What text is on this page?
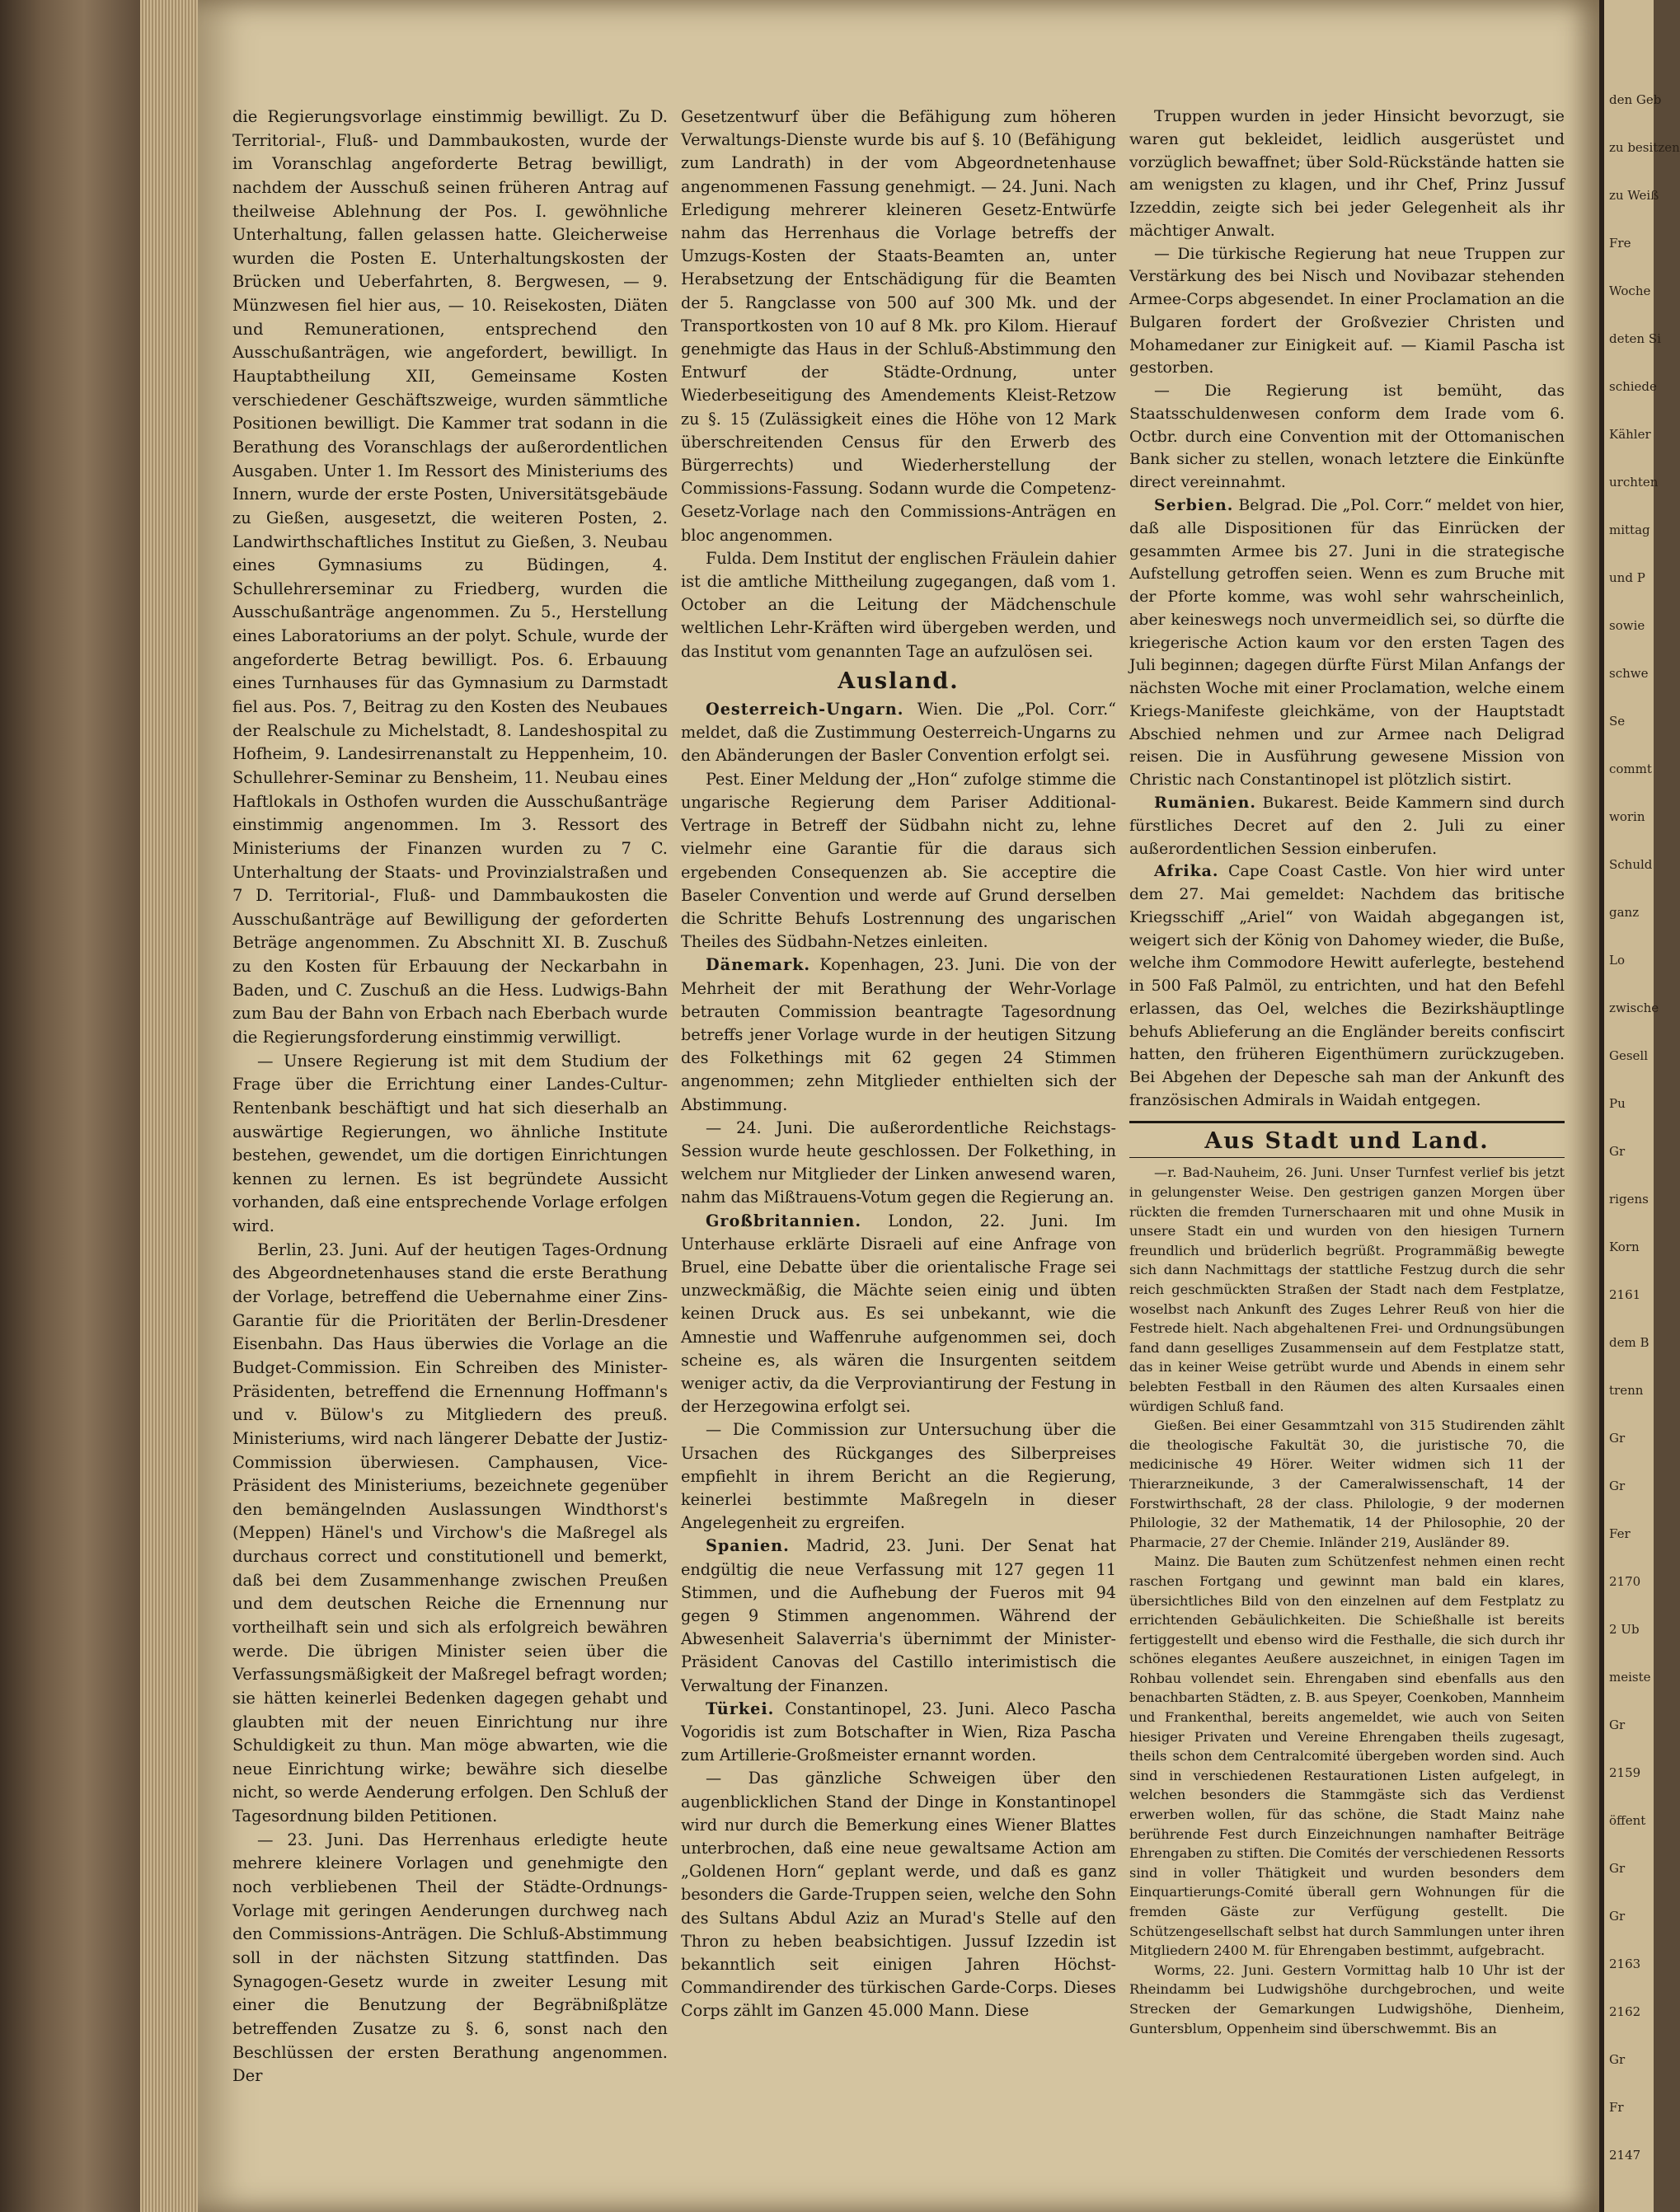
die Regierungsvorlage einstimmig bewilligt. Zu D. Territorial-, Fluß- und Dammbaukosten, wurde der im Voranschlag angeforderte Betrag bewilligt, nachdem der Ausschuß seinen früheren Antrag auf theilweise Ablehnung der Pos. I. gewöhnliche Unterhaltung, fallen gelassen hatte. Gleicherweise wurden die Posten E. Unterhaltungskosten der Brücken und Ueberfahrten, 8. Bergwesen, — 9. Münzwesen fiel hier aus, — 10. Reisekosten, Diäten und Remunerationen, entsprechend den Ausschußanträgen, wie angefordert, bewilligt. In Hauptabtheilung XII, Gemeinsame Kosten verschiedener Geschäftszweige, wurden sämmtliche Positionen bewilligt. Die Kammer trat sodann in die Berathung des Voranschlags der außerordentlichen Ausgaben. Unter 1. Im Ressort des Ministeriums des Innern, wurde der erste Posten, Universitätsgebäude zu Gießen, ausgesetzt, die weiteren Posten, 2. Landwirthschaftliches Institut zu Gießen, 3. Neubau eines Gymnasiums zu Büdingen, 4. Schullehrerseminar zu Friedberg, wurden die Ausschußanträge angenommen. Zu 5., Herstellung eines Laboratoriums an der polyt. Schule, wurde der angeforderte Betrag bewilligt. Pos. 6. Erbauung eines Turnhauses für das Gymnasium zu Darmstadt fiel aus. Pos. 7, Beitrag zu den Kosten des Neubaues der Realschule zu Michelstadt, 8. Landeshospital zu Hofheim, 9. Landesirrenanstalt zu Heppenheim, 10. Schullehrer-Seminar zu Bensheim, 11. Neubau eines Haftlokals in Osthofen wurden die Ausschußanträge einstimmig angenommen. Im 3. Ressort des Ministeriums der Finanzen wurden zu 7 C. Unterhaltung der Staats- und Provinzialstraßen und 7 D. Territorial-, Fluß- und Dammbaukosten die Ausschußanträge auf Bewilligung der geforderten Beträge angenommen. Zu Abschnitt XI. B. Zuschuß zu den Kosten für Erbauung der Neckarbahn in Baden, und C. Zuschuß an die Hess. Ludwigs-Bahn zum Bau der Bahn von Erbach nach Eberbach wurde die Regierungsforderung einstimmig verwilligt.

— Unsere Regierung ist mit dem Studium der Frage über die Errichtung einer Landes-Cultur-Rentenbank beschäftigt und hat sich dieserhalb an auswärtige Regierungen, wo ähnliche Institute bestehen, gewendet, um die dortigen Einrichtungen kennen zu lernen. Es ist begründete Aussicht vorhanden, daß eine entsprechende Vorlage erfolgen wird.

Berlin, 23. Juni. Auf der heutigen Tages-Ordnung des Abgeordnetenhauses stand die erste Berathung der Vorlage, betreffend die Uebernahme einer Zins-Garantie für die Prioritäten der Berlin-Dresdener Eisenbahn. Das Haus überwies die Vorlage an die Budget-Commission. Ein Schreiben des Minister-Präsidenten, betreffend die Ernennung Hoffmann's und v. Bülow's zu Mitgliedern des preuß. Ministeriums, wird nach längerer Debatte der Justiz-Commission überwiesen. Camphausen, Vice-Präsident des Ministeriums, bezeichnete gegenüber den bemängelnden Auslassungen Windthorst's (Meppen) Hänel's und Virchow's die Maßregel als durchaus correct und constitutionell und bemerkt, daß bei dem Zusammenhange zwischen Preußen und dem deutschen Reiche die Ernennung nur vortheilhaft sein und sich als erfolgreich bewähren werde. Die übrigen Minister seien über die Verfassungsmäßigkeit der Maßregel befragt worden; sie hätten keinerlei Bedenken dagegen gehabt und glaubten mit der neuen Einrichtung nur ihre Schuldigkeit zu thun. Man möge abwarten, wie die neue Einrichtung wirke; bewähre sich dieselbe nicht, so werde Aenderung erfolgen. Den Schluß der Tagesordnung bilden Petitionen.

— 23. Juni. Das Herrenhaus erledigte heute mehrere kleinere Vorlagen und genehmigte den noch verbliebenen Theil der Städte-Ordnungs-Vorlage mit geringen Aenderungen durchweg nach den Commissions-Anträgen. Die Schluß-Abstimmung soll in der nächsten Sitzung stattfinden. Das Synagogen-Gesetz wurde in zweiter Lesung mit einer die Benutzung der Begräbnißplätze betreffenden Zusatze zu §. 6, sonst nach den Beschlüssen der ersten Berathung angenommen. Der

Gesetzentwurf über die Befähigung zum höheren Verwaltungs-Dienste wurde bis auf §. 10 (Befähigung zum Landrath) in der vom Abgeordnetenhause angenommenen Fassung genehmigt. — 24. Juni. Nach Erledigung mehrerer kleineren Gesetz-Entwürfe nahm das Herrenhaus die Vorlage betreffs der Umzugs-Kosten der Staats-Beamten an, unter Herabsetzung der Entschädigung für die Beamten der 5. Rangclasse von 500 auf 300 Mk. und der Transportkosten von 10 auf 8 Mk. pro Kilom. Hierauf genehmigte das Haus in der Schluß-Abstimmung den Entwurf der Städte-Ordnung, unter Wiederbeseitigung des Amendements Kleist-Retzow zu §. 15 (Zulässigkeit eines die Höhe von 12 Mark überschreitenden Census für den Erwerb des Bürgerrechts) und Wiederherstellung der Commissions-Fassung. Sodann wurde die Competenz-Gesetz-Vorlage nach den Commissions-Anträgen en bloc angenommen.

Fulda. Dem Institut der englischen Fräulein dahier ist die amtliche Mittheilung zugegangen, daß vom 1. October an die Leitung der Mädchenschule weltlichen Lehr-Kräften wird übergeben werden, und das Institut vom genannten Tage an aufzulösen sei.

Ausland.

Oesterreich-Ungarn. Wien. Die „Pol. Corr.“ meldet, daß die Zustimmung Oesterreich-Ungarns zu den Abänderungen der Basler Convention erfolgt sei.

Pest. Einer Meldung der „Hon“ zufolge stimme die ungarische Regierung dem Pariser Additional-Vertrage in Betreff der Südbahn nicht zu, lehne vielmehr eine Garantie für die daraus sich ergebenden Consequenzen ab. Sie acceptire die Baseler Convention und werde auf Grund derselben die Schritte Behufs Lostrennung des ungarischen Theiles des Südbahn-Netzes einleiten.

Dänemark. Kopenhagen, 23. Juni. Die von der Mehrheit der mit Berathung der Wehr-Vorlage betrauten Commission beantragte Tagesordnung betreffs jener Vorlage wurde in der heutigen Sitzung des Folkethings mit 62 gegen 24 Stimmen angenommen; zehn Mitglieder enthielten sich der Abstimmung.

— 24. Juni. Die außerordentliche Reichstags-Session wurde heute geschlossen. Der Folkething, in welchem nur Mitglieder der Linken anwesend waren, nahm das Mißtrauens-Votum gegen die Regierung an.

Großbritannien. London, 22. Juni. Im Unterhause erklärte Disraeli auf eine Anfrage von Bruel, eine Debatte über die orientalische Frage sei unzweckmäßig, die Mächte seien einig und übten keinen Druck aus. Es sei unbekannt, wie die Amnestie und Waffenruhe aufgenommen sei, doch scheine es, als wären die Insurgenten seitdem weniger activ, da die Verproviantirung der Festung in der Herzegowina erfolgt sei.

— Die Commission zur Untersuchung über die Ursachen des Rückganges des Silberpreises empfiehlt in ihrem Bericht an die Regierung, keinerlei bestimmte Maßregeln in dieser Angelegenheit zu ergreifen.

Spanien. Madrid, 23. Juni. Der Senat hat endgültig die neue Verfassung mit 127 gegen 11 Stimmen, und die Aufhebung der Fueros mit 94 gegen 9 Stimmen angenommen. Während der Abwesenheit Salaverria's übernimmt der Minister-Präsident Canovas del Castillo interimistisch die Verwaltung der Finanzen.

Türkei. Constantinopel, 23. Juni. Aleco Pascha Vogoridis ist zum Botschafter in Wien, Riza Pascha zum Artillerie-Großmeister ernannt worden.

— Das gänzliche Schweigen über den augenblicklichen Stand der Dinge in Konstantinopel wird nur durch die Bemerkung eines Wiener Blattes unterbrochen, daß eine neue gewaltsame Action am „Goldenen Horn“ geplant werde, und daß es ganz besonders die Garde-Truppen seien, welche den Sohn des Sultans Abdul Aziz an Murad's Stelle auf den Thron zu heben beabsichtigen. Jussuf Izzedin ist bekanntlich seit einigen Jahren Höchst-Commandirender des türkischen Garde-Corps. Dieses Corps zählt im Ganzen 45.000 Mann. Diese

Truppen wurden in jeder Hinsicht bevorzugt, sie waren gut bekleidet, leidlich ausgerüstet und vorzüglich bewaffnet; über Sold-Rückstände hatten sie am wenigsten zu klagen, und ihr Chef, Prinz Jussuf Izzeddin, zeigte sich bei jeder Gelegenheit als ihr mächtiger Anwalt.

— Die türkische Regierung hat neue Truppen zur Verstärkung des bei Nisch und Novibazar stehenden Armee-Corps abgesendet. In einer Proclamation an die Bulgaren fordert der Großvezier Christen und Mohamedaner zur Einigkeit auf. — Kiamil Pascha ist gestorben.

— Die Regierung ist bemüht, das Staatsschuldenwesen conform dem Irade vom 6. Octbr. durch eine Convention mit der Ottomanischen Bank sicher zu stellen, wonach letztere die Einkünfte direct vereinnahmt.

Serbien. Belgrad. Die „Pol. Corr.“ meldet von hier, daß alle Dispositionen für das Einrücken der gesammten Armee bis 27. Juni in die strategische Aufstellung getroffen seien. Wenn es zum Bruche mit der Pforte komme, was wohl sehr wahrscheinlich, aber keineswegs noch unvermeidlich sei, so dürfte die kriegerische Action kaum vor den ersten Tagen des Juli beginnen; dagegen dürfte Fürst Milan Anfangs der nächsten Woche mit einer Proclamation, welche einem Kriegs-Manifeste gleichkäme, von der Hauptstadt Abschied nehmen und zur Armee nach Deligrad reisen. Die in Ausführung gewesene Mission von Christic nach Constantinopel ist plötzlich sistirt.

Rumänien. Bukarest. Beide Kammern sind durch fürstliches Decret auf den 2. Juli zu einer außerordentlichen Session einberufen.

Afrika. Cape Coast Castle. Von hier wird unter dem 27. Mai gemeldet: Nachdem das britische Kriegsschiff „Ariel“ von Waidah abgegangen ist, weigert sich der König von Dahomey wieder, die Buße, welche ihm Commodore Hewitt auferlegte, bestehend in 500 Faß Palmöl, zu entrichten, und hat den Befehl erlassen, das Oel, welches die Bezirkshäuptlinge behufs Ablieferung an die Engländer bereits confiscirt hatten, den früheren Eigenthümern zurückzugeben. Bei Abgehen der Depesche sah man der Ankunft des französischen Admirals in Waidah entgegen.

Aus Stadt und Land.

—r. Bad-Nauheim, 26. Juni. Unser Turnfest verlief bis jetzt in gelungenster Weise. Den gestrigen ganzen Morgen über rückten die fremden Turnerschaaren mit und ohne Musik in unsere Stadt ein und wurden von den hiesigen Turnern freundlich und brüderlich begrüßt. Programmäßig bewegte sich dann Nachmittags der stattliche Festzug durch die sehr reich geschmückten Straßen der Stadt nach dem Festplatze, woselbst nach Ankunft des Zuges Lehrer Reuß von hier die Festrede hielt. Nach abgehaltenen Frei- und Ordnungsübungen fand dann geselliges Zusammensein auf dem Festplatze statt, das in keiner Weise getrübt wurde und Abends in einem sehr belebten Festball in den Räumen des alten Kursaales einen würdigen Schluß fand.

Gießen. Bei einer Gesammtzahl von 315 Studirenden zählt die theologische Fakultät 30, die juristische 70, die medicinische 49 Hörer. Weiter widmen sich 11 der Thierarzneikunde, 3 der Cameralwissenschaft, 14 der Forstwirthschaft, 28 der class. Philologie, 9 der modernen Philologie, 32 der Mathematik, 14 der Philosophie, 20 der Pharmacie, 27 der Chemie. Inländer 219, Ausländer 89.

Mainz. Die Bauten zum Schützenfest nehmen einen recht raschen Fortgang und gewinnt man bald ein klares, übersichtliches Bild von den einzelnen auf dem Festplatz zu errichtenden Gebäulichkeiten. Die Schießhalle ist bereits fertiggestellt und ebenso wird die Festhalle, die sich durch ihr schönes elegantes Aeußere auszeichnet, in einigen Tagen im Rohbau vollendet sein. Ehrengaben sind ebenfalls aus den benachbarten Städten, z. B. aus Speyer, Coenkoben, Mannheim und Frankenthal, bereits angemeldet, wie auch von Seiten hiesiger Privaten und Vereine Ehrengaben theils zugesagt, theils schon dem Centralcomité übergeben worden sind. Auch sind in verschiedenen Restaurationen Listen aufgelegt, in welchen besonders die Stammgäste sich das Verdienst erwerben wollen, für das schöne, die Stadt Mainz nahe berührende Fest durch Einzeichnungen namhafter Beiträge Ehrengaben zu stiften. Die Comités der verschiedenen Ressorts sind in voller Thätigkeit und wurden besonders dem Einquartierungs-Comité überall gern Wohnungen für die fremden Gäste zur Verfügung gestellt. Die Schützengesellschaft selbst hat durch Sammlungen unter ihren Mitgliedern 2400 M. für Ehrengaben bestimmt, aufgebracht.

Worms, 22. Juni. Gestern Vormittag halb 10 Uhr ist der Rheindamm bei Ludwigshöhe durchgebrochen, und weite Strecken der Gemarkungen Ludwigshöhe, Dienheim, Guntersblum, Oppenheim sind überschwemmt. Bis an

den Geb
zu besitzen
zu Weiß
Fre
Woche
deten Si
schiede
Kähler
urchten
mittag
und P
sowie
schwe
Se
commt
worin
Schuld
ganz
Lo
zwische
Gesell
Pu
Gr
rigens
Korn
2161
dem B
trenn
Gr
Gr
Fer
2170
2 Ub
meiste
Gr
2159
öffent
Gr
Gr
2163
2162
Gr
Fr
2147
